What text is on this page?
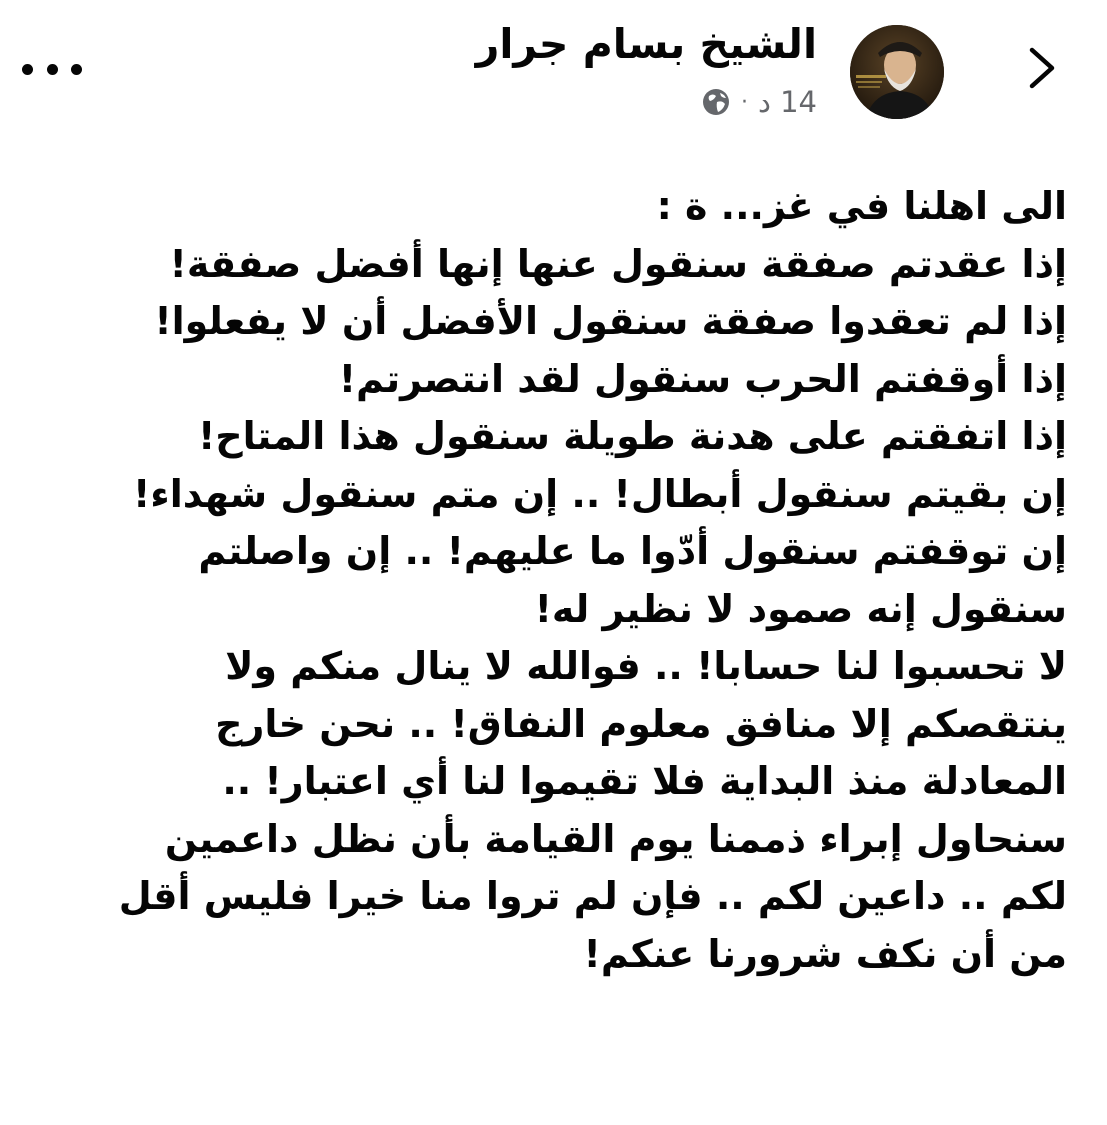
الشيخ بسام جرار
14 د
·
الى اهلنا في غز... ة :
إذا عقدتم صفقة سنقول عنها إنها أفضل صفقة!
إذا لم تعقدوا صفقة سنقول الأفضل أن لا يفعلوا!
إذا أوقفتم الحرب سنقول لقد انتصرتم!
إذا اتفقتم على هدنة طويلة سنقول هذا المتاح!
إن بقيتم سنقول أبطال! .. إن متم سنقول شهداء!
إن توقفتم سنقول أدّوا ما عليهم! .. إن واصلتم
سنقول إنه صمود لا نظير له!
لا تحسبوا لنا حسابا! .. فوالله لا ينال منكم ولا
ينتقصكم إلا منافق معلوم النفاق! .. نحن خارج
المعادلة منذ البداية فلا تقيموا لنا أي اعتبار! ..
سنحاول إبراء ذممنا يوم القيامة بأن نظل داعمين
لكم .. داعين لكم .. فإن لم تروا منا خيرا فليس أقل
من أن نكف شرورنا عنكم!
